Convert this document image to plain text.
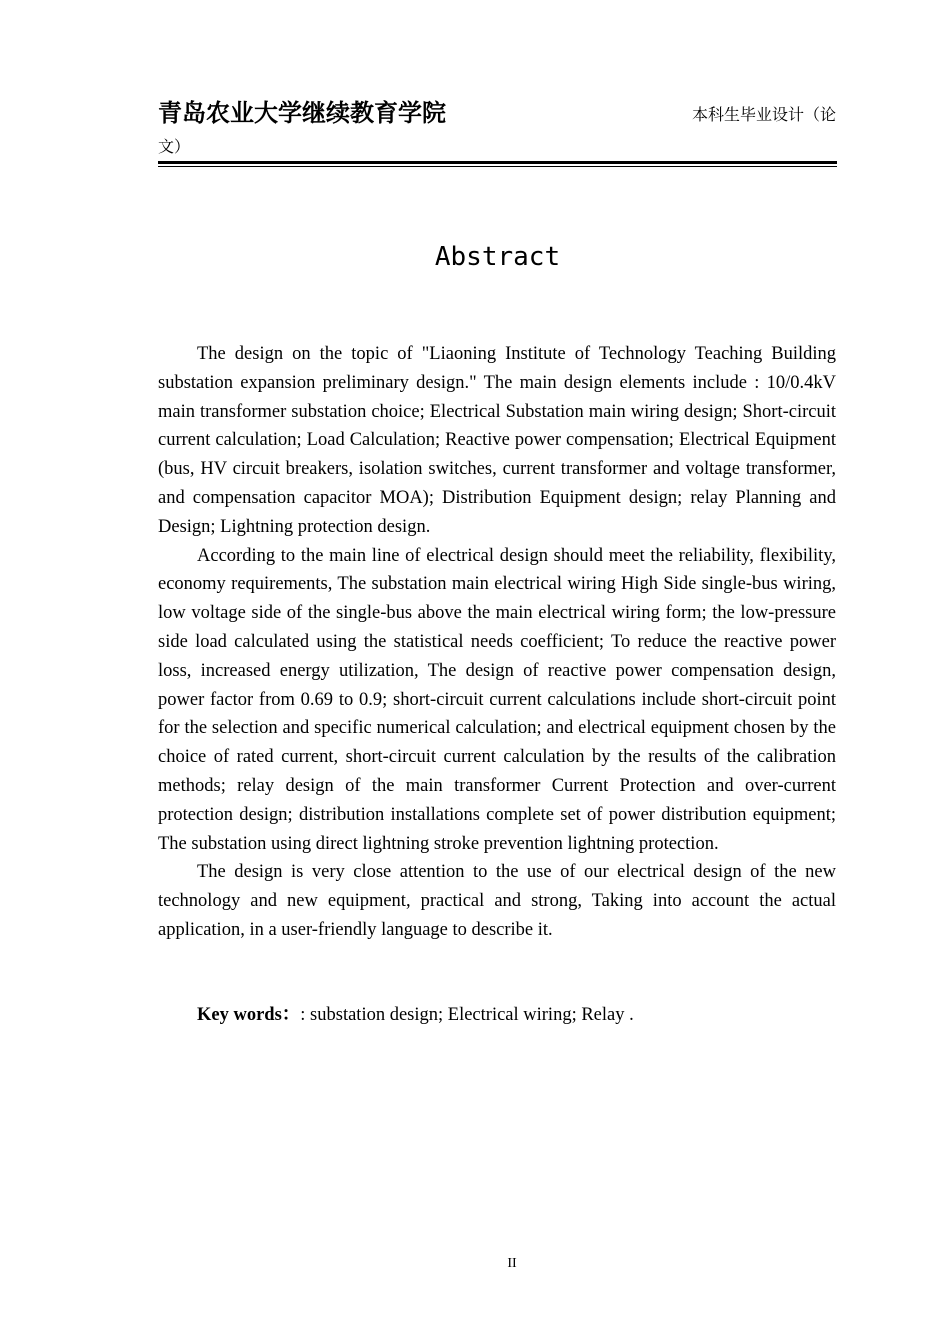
青岛农业大学继续教育学院	本科生毕业设计（论
文）
Abstract

The design on the topic of "Liaoning Institute of Technology Teaching Building substation expansion preliminary design." The main design elements include : 10/0.4kV main transformer substation choice; Electrical Substation main wiring design; Short-circuit current calculation; Load Calculation; Reactive power compensation; Electrical Equipment (bus, HV circuit breakers, isolation switches, current transformer and voltage transformer, and compensation capacitor MOA); Distribution Equipment design; relay Planning and Design; Lightning protection design.

According to the main line of electrical design should meet the reliability, flexibility, economy requirements, The substation main electrical wiring High Side single-bus wiring, low voltage side of the single-bus above the main electrical wiring form; the low-pressure side load calculated using the statistical needs coefficient; To reduce the reactive power loss, increased energy utilization, The design of reactive power compensation design, power factor from 0.69 to 0.9; short-circuit current calculations include short-circuit point for the selection and specific numerical calculation; and electrical equipment chosen by the choice of rated current, short-circuit current calculation by the results of the calibration methods; relay design of the main transformer Current Protection and over-current protection design; distribution installations complete set of power distribution equipment; The substation using direct lightning stroke prevention lightning protection.

The design is very close attention to the use of our electrical design of the new technology and new equipment, practical and strong, Taking into account the actual application, in a user-friendly language to describe it.

Key words：: substation design; Electrical wiring; Relay .
II
